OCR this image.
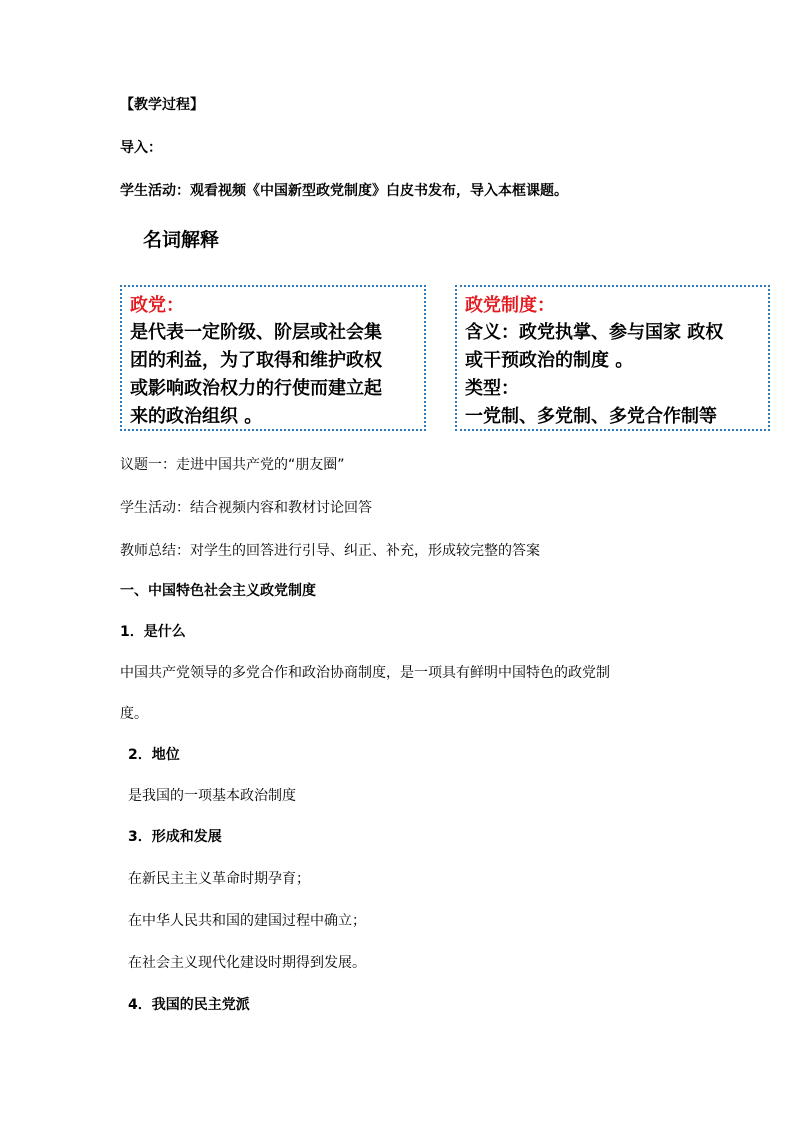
【教学过程】
导入：
学生活动：观看视频《中国新型政党制度》白皮书发布，导入本框课题。
名词解释
政党：
是代表一定阶级、阶层或社会集
团的利益，为了取得和维护政权
或影响政治权力的行使而建立起
来的政治组织 。
政党制度：
含义：政党执掌、参与国家 政权
或干预政治的制度 。
类型：
一党制、多党制、多党合作制等
议题一：走进中国共产党的“朋友圈”
学生活动：结合视频内容和教材讨论回答
教师总结：对学生的回答进行引导、纠正、补充，形成较完整的答案
一、中国特色社会主义政党制度
1．是什么
中国共产党领导的多党合作和政治协商制度，是一项具有鲜明中国特色的政党制
度。
2．地位
是我国的一项基本政治制度
3．形成和发展
在新民主主义革命时期孕育；
在中华人民共和国的建国过程中确立；
在社会主义现代化建设时期得到发展。
4．我国的民主党派
